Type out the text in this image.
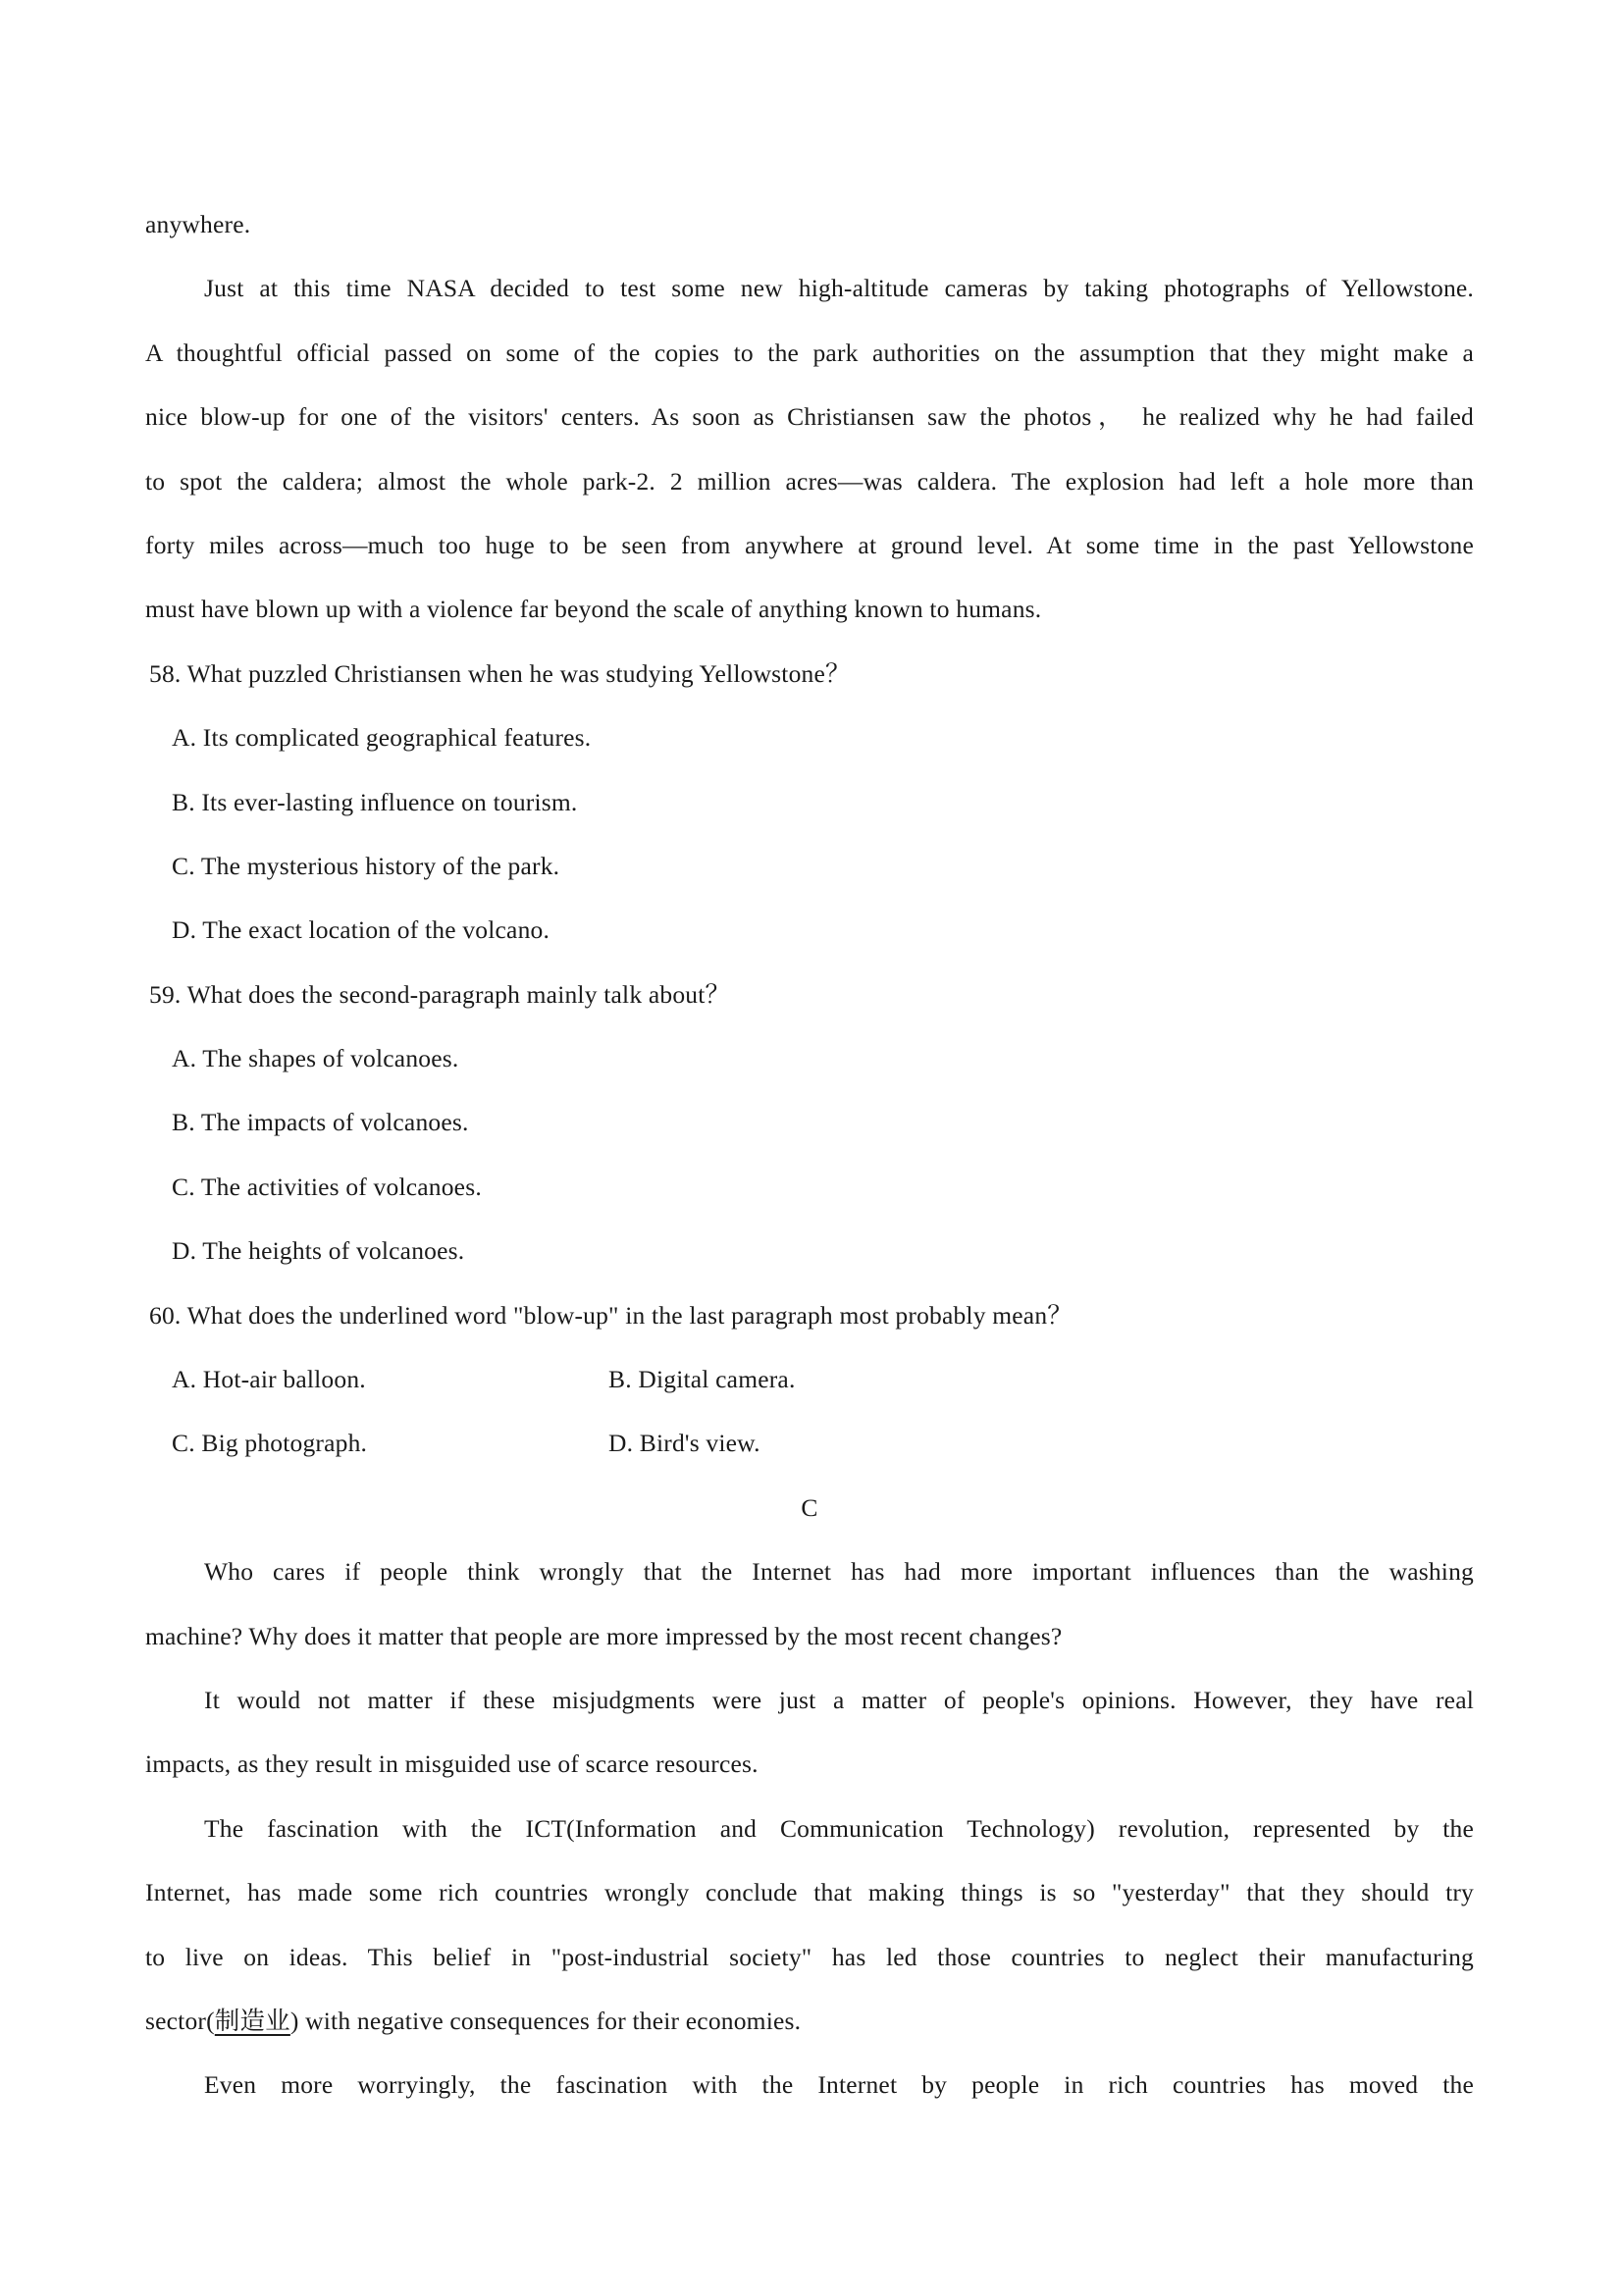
anywhere.
Just at this time NASA decided to test some new high-altitude cameras by taking photographs of Yellowstone.
A thoughtful official passed on some of the copies to the park authorities on the assumption that they might make a
nice blow-up for one of the visitors' centers. As soon as Christiansen saw the photos， he realized why he had failed
to spot the caldera; almost the whole park-2. 2 million acres—was caldera. The explosion had left a hole more than
forty miles across—much too huge to be seen from anywhere at ground level. At some time in the past Yellowstone
must have blown up with a violence far beyond the scale of anything known to humans.
58. What puzzled Christiansen when he was studying Yellowstone？
A. Its complicated geographical features.
B. Its ever-lasting influence on tourism.
C. The mysterious history of the park.
D. The exact location of the volcano.
59. What does the second-paragraph mainly talk about？
A. The shapes of volcanoes.
B. The impacts of volcanoes.
C. The activities of volcanoes.
D. The heights of volcanoes.
60. What does the underlined word "blow-up" in the last paragraph most probably mean？
A. Hot-air balloon.	B. Digital camera.
C. Big photograph.	D. Bird's view.
C
Who cares if people think wrongly that the Internet has had more important influences than the washing
machine? Why does it matter that people are more impressed by the most recent changes?
It would not matter if these misjudgments were just a matter of people's opinions. However, they have real
impacts, as they result in misguided use of scarce resources.
The fascination with the ICT(Information and Communication Technology) revolution, represented by the
Internet, has made some rich countries wrongly conclude that making things is so "yesterday" that they should try
to live on ideas. This belief in "post-industrial society" has led those countries to neglect their manufacturing
sector(制造业) with negative consequences for their economies.
Even more worryingly, the fascination with the Internet by people in rich countries has moved the
